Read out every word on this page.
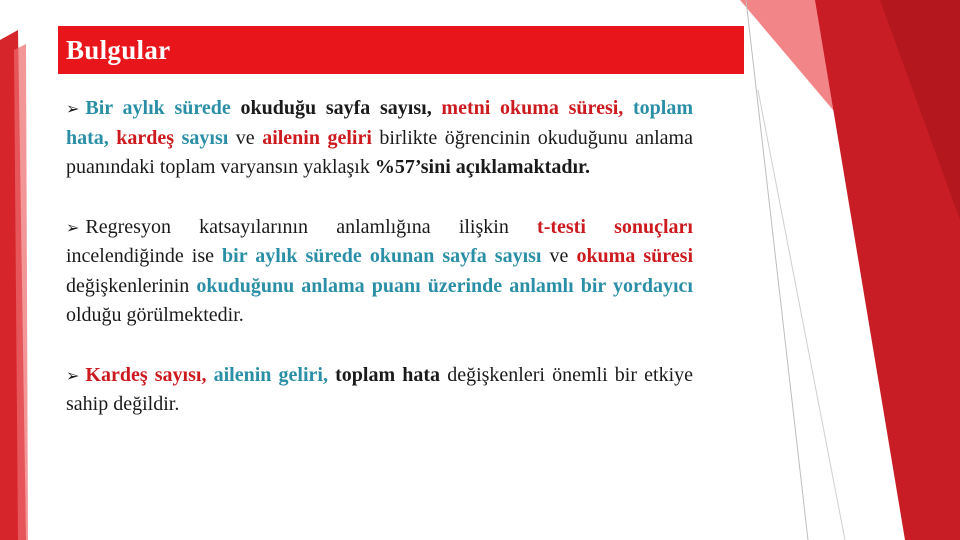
Bulgular

➢ Bir aylık sürede okuduğu sayfa sayısı, metni okuma süresi, toplam hata, kardeş sayısı ve ailenin geliri birlikte öğrencinin okuduğunu anlama puanındaki toplam varyansın yaklaşık %57’sini açıklamaktadır.

➢ Regresyon katsayılarının anlamlığına ilişkin t-testi sonuçları incelendiğinde ise bir aylık sürede okunan sayfa sayısı ve okuma süresi değişkenlerinin okuduğunu anlama puanı üzerinde anlamlı bir yordayıcı olduğu görülmektedir.

➢ Kardeş sayısı, ailenin geliri, toplam hata değişkenleri önemli bir etkiye sahip değildir.
